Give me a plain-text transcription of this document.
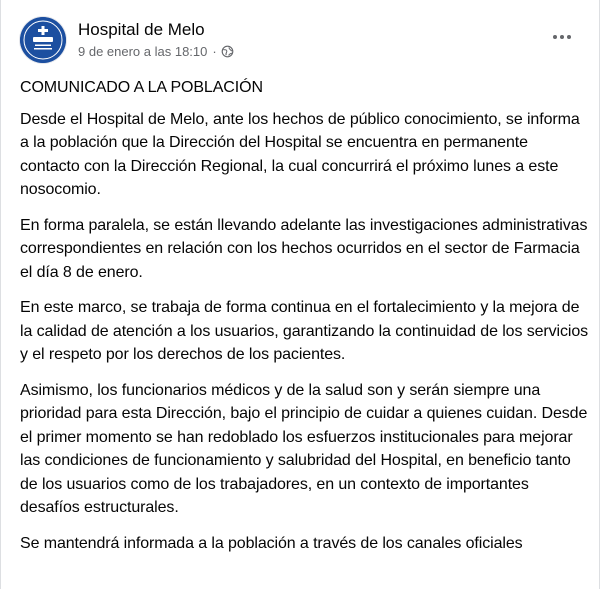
Hospital de Melo
9 de enero a las 18:10 ·

COMUNICADO A LA POBLACIÓN

Desde el Hospital de Melo, ante los hechos de público conocimiento, se informa a la población que la Dirección del Hospital se encuentra en permanente contacto con la Dirección Regional, la cual concurrirá el próximo lunes a este nosocomio.

En forma paralela, se están llevando adelante las investigaciones administrativas correspondientes en relación con los hechos ocurridos en el sector de Farmacia el día 8 de enero.

En este marco, se trabaja de forma continua en el fortalecimiento y la mejora de la calidad de atención a los usuarios, garantizando la continuidad de los servicios y el respeto por los derechos de los pacientes.

Asimismo, los funcionarios médicos y de la salud son y serán siempre una prioridad para esta Dirección, bajo el principio de cuidar a quienes cuidan. Desde el primer momento se han redoblado los esfuerzos institucionales para mejorar las condiciones de funcionamiento y salubridad del Hospital, en beneficio tanto de los usuarios como de los trabajadores, en un contexto de importantes desafíos estructurales.

Se mantendrá informada a la población a través de los canales oficiales
